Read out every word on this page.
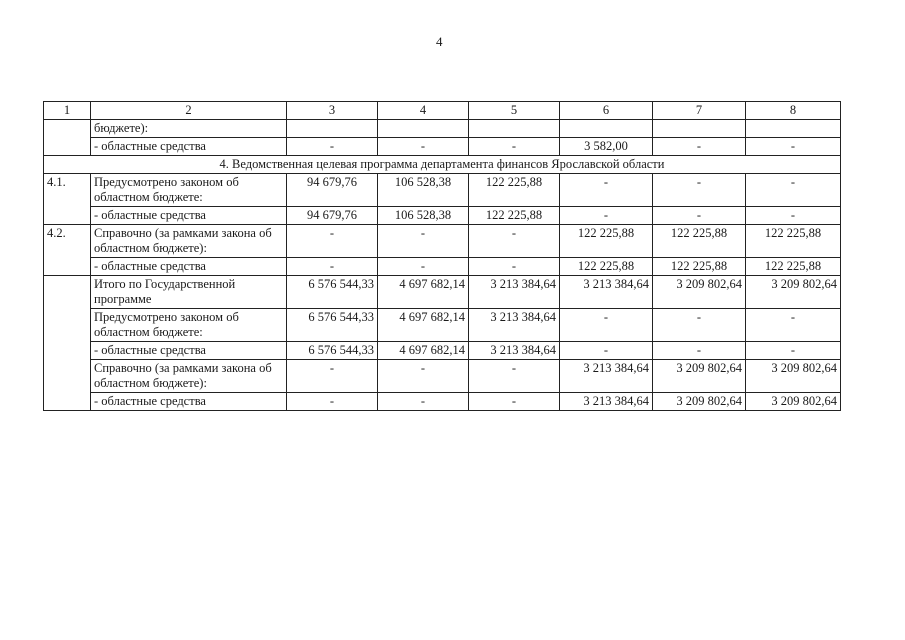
4
1	2	3	4	5	6	7	8
	бюджете):						
	- областные средства	-	-	-	3 582,00	-	-
4. Ведомственная целевая программа департамента финансов Ярославской области							
4.1.	Предусмотрено законом об областном бюджете:	94 679,76	106 528,38	122 225,88	-	-	-
	- областные средства	94 679,76	106 528,38	122 225,88	-	-	-
4.2.	Справочно (за рамками закона об областном бюджете):	-	-	-	122 225,88	122 225,88	122 225,88
	- областные средства	-	-	-	122 225,88	122 225,88	122 225,88
	Итого по Государственной программе	6 576 544,33	4 697 682,14	3 213 384,64	3 213 384,64	3 209 802,64	3 209 802,64
	Предусмотрено законом об областном бюджете:	6 576 544,33	4 697 682,14	3 213 384,64	-	-	-
	- областные средства	6 576 544,33	4 697 682,14	3 213 384,64	-	-	-
	Справочно (за рамками закона об областном бюджете):	-	-	-	3 213 384,64	3 209 802,64	3 209 802,64
	- областные средства	-	-	-	3 213 384,64	3 209 802,64	3 209 802,64
